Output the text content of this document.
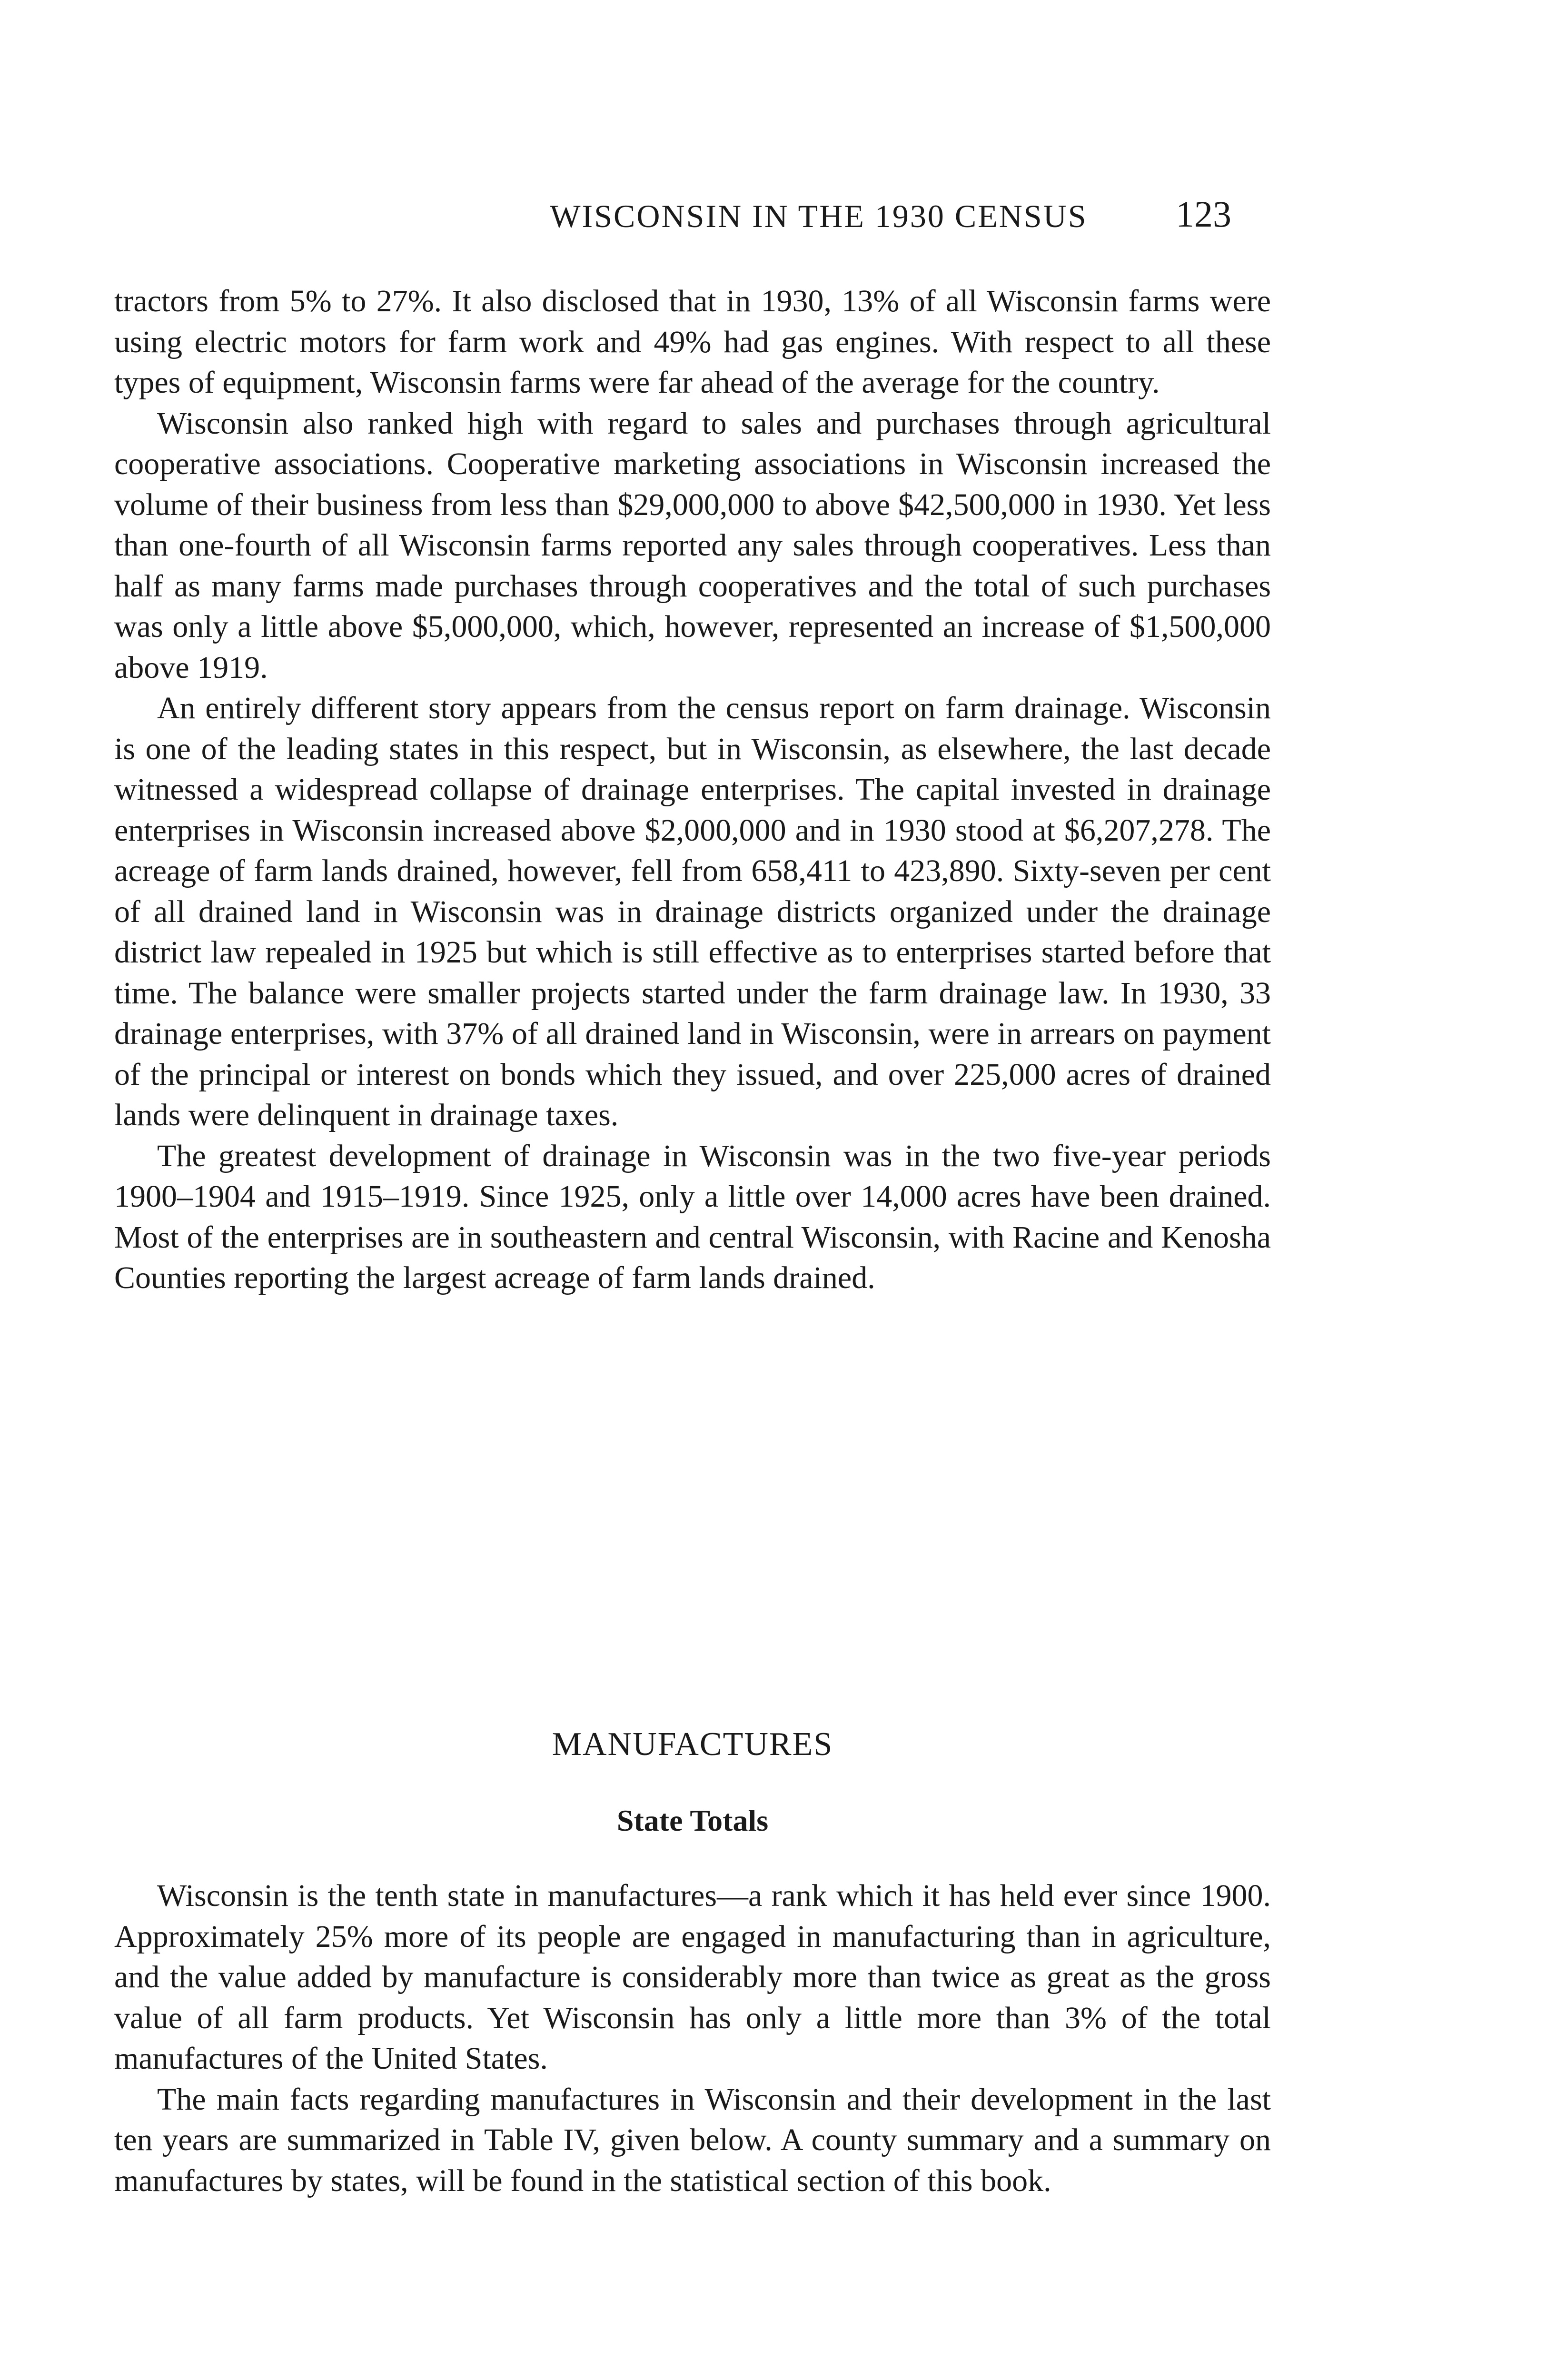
WISCONSIN IN THE 1930 CENSUS	123

tractors from 5% to 27%. It also disclosed that in 1930, 13% of all Wisconsin farms were using electric motors for farm work and 49% had gas engines. With respect to all these types of equipment, Wisconsin farms were far ahead of the average for the country.

Wisconsin also ranked high with regard to sales and purchases through agricultural cooperative associations. Cooperative marketing associations in Wisconsin increased the volume of their business from less than $29,000,000 to above $42,500,000 in 1930. Yet less than one-fourth of all Wisconsin farms reported any sales through cooperatives. Less than half as many farms made purchases through cooperatives and the total of such purchases was only a little above $5,000,000, which, however, represented an increase of $1,500,000 above 1919.

An entirely different story appears from the census report on farm drainage. Wisconsin is one of the leading states in this respect, but in Wisconsin, as elsewhere, the last decade witnessed a widespread collapse of drainage enterprises. The capital invested in drainage enterprises in Wisconsin increased above $2,000,000 and in 1930 stood at $6,207,278. The acreage of farm lands drained, however, fell from 658,411 to 423,890. Sixty-seven per cent of all drained land in Wisconsin was in drainage districts organized under the drainage district law repealed in 1925 but which is still effective as to enterprises started before that time. The balance were smaller projects started under the farm drainage law. In 1930, 33 drainage enterprises, with 37% of all drained land in Wisconsin, were in arrears on payment of the principal or interest on bonds which they issued, and over 225,000 acres of drained lands were delinquent in drainage taxes.

The greatest development of drainage in Wisconsin was in the two five-year periods 1900–1904 and 1915–1919. Since 1925, only a little over 14,000 acres have been drained. Most of the enterprises are in southeastern and central Wisconsin, with Racine and Kenosha Counties reporting the largest acreage of farm lands drained.

MANUFACTURES
State Totals

Wisconsin is the tenth state in manufactures—a rank which it has held ever since 1900. Approximately 25% more of its people are engaged in manufacturing than in agriculture, and the value added by manufacture is considerably more than twice as great as the gross value of all farm products. Yet Wisconsin has only a little more than 3% of the total manufactures of the United States.

The main facts regarding manufactures in Wisconsin and their development in the last ten years are summarized in Table IV, given below. A county summary and a summary on manufactures by states, will be found in the statistical section of this book.
